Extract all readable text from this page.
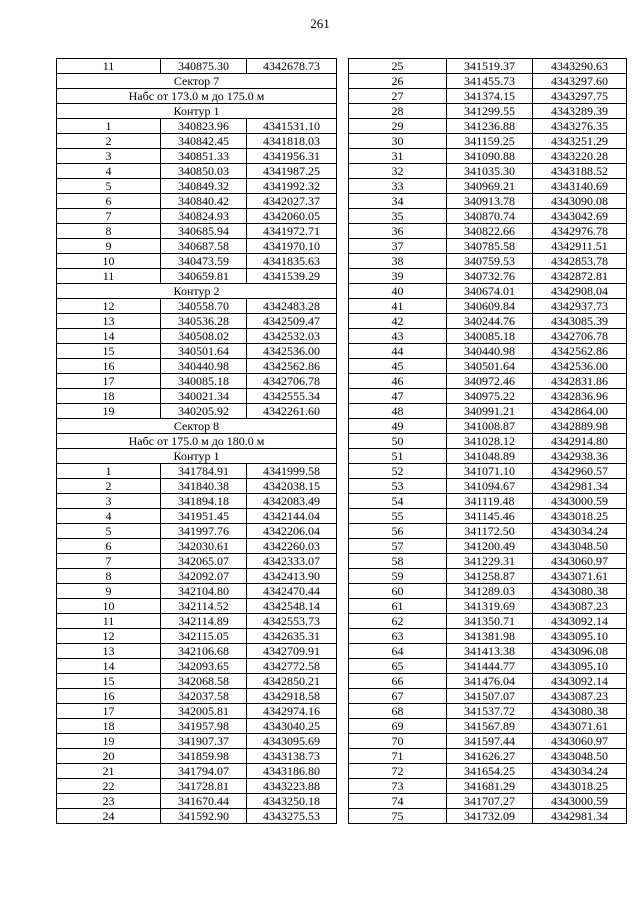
261
11	340875.30	4342678.73
Сектор 7		
Набс от 173.0 м до 175.0 м		
Контур 1		
1	340823.96	4341531.10
2	340842.45	4341818.03
3	340851.33	4341956.31
4	340850.03	4341987.25
5	340849.32	4341992.32
6	340840.42	4342027.37
7	340824.93	4342060.05
8	340685.94	4341972.71
9	340687.58	4341970.10
10	340473.59	4341835.63
11	340659.81	4341539.29
Контур 2		
12	340558.70	4342483.28
13	340536.28	4342509.47
14	340508.02	4342532.03
15	340501.64	4342536.00
16	340440.98	4342562.86
17	340085.18	4342706.78
18	340021.34	4342555.34
19	340205.92	4342261.60
Сектор 8		
Набс от 175.0 м до 180.0 м		
Контур 1		
1	341784.91	4341999.58
2	341840.38	4342038.15
3	341894.18	4342083.49
4	341951.45	4342144.04
5	341997.76	4342206.04
6	342030.61	4342260.03
7	342065.07	4342333.07
8	342092.07	4342413.90
9	342104.80	4342470.44
10	342114.52	4342548.14
11	342114.89	4342553.73
12	342115.05	4342635.31
13	342106.68	4342709.91
14	342093.65	4342772.58
15	342068.58	4342850.21
16	342037.58	4342918.58
17	342005.81	4342974.16
18	341957.98	4343040.25
19	341907.37	4343095.69
20	341859.98	4343138.73
21	341794.07	4343186.80
22	341728.81	4343223.88
23	341670.44	4343250.18
24	341592.90	4343275.53
25	341519.37	4343290.63
26	341455.73	4343297.60
27	341374.15	4343297.75
28	341299.55	4343289.39
29	341236.88	4343276.35
30	341159.25	4343251.29
31	341090.88	4343220.28
32	341035.30	4343188.52
33	340969.21	4343140.69
34	340913.78	4343090.08
35	340870.74	4343042.69
36	340822.66	4342976.78
37	340785.58	4342911.51
38	340759.53	4342853.78
39	340732.76	4342872.81
40	340674.01	4342908.04
41	340609.84	4342937.73
42	340244.76	4343085.39
43	340085.18	4342706.78
44	340440.98	4342562.86
45	340501.64	4342536.00
46	340972.46	4342831.86
47	340975.22	4342836.96
48	340991.21	4342864.00
49	341008.87	4342889.98
50	341028.12	4342914.80
51	341048.89	4342938.36
52	341071.10	4342960.57
53	341094.67	4342981.34
54	341119.48	4343000.59
55	341145.46	4343018.25
56	341172.50	4343034.24
57	341200.49	4343048.50
58	341229.31	4343060.97
59	341258.87	4343071.61
60	341289.03	4343080.38
61	341319.69	4343087.23
62	341350.71	4343092.14
63	341381.98	4343095.10
64	341413.38	4343096.08
65	341444.77	4343095.10
66	341476.04	4343092.14
67	341507.07	4343087.23
68	341537.72	4343080.38
69	341567.89	4343071.61
70	341597.44	4343060.97
71	341626.27	4343048.50
72	341654.25	4343034.24
73	341681.29	4343018.25
74	341707.27	4343000.59
75	341732.09	4342981.34
